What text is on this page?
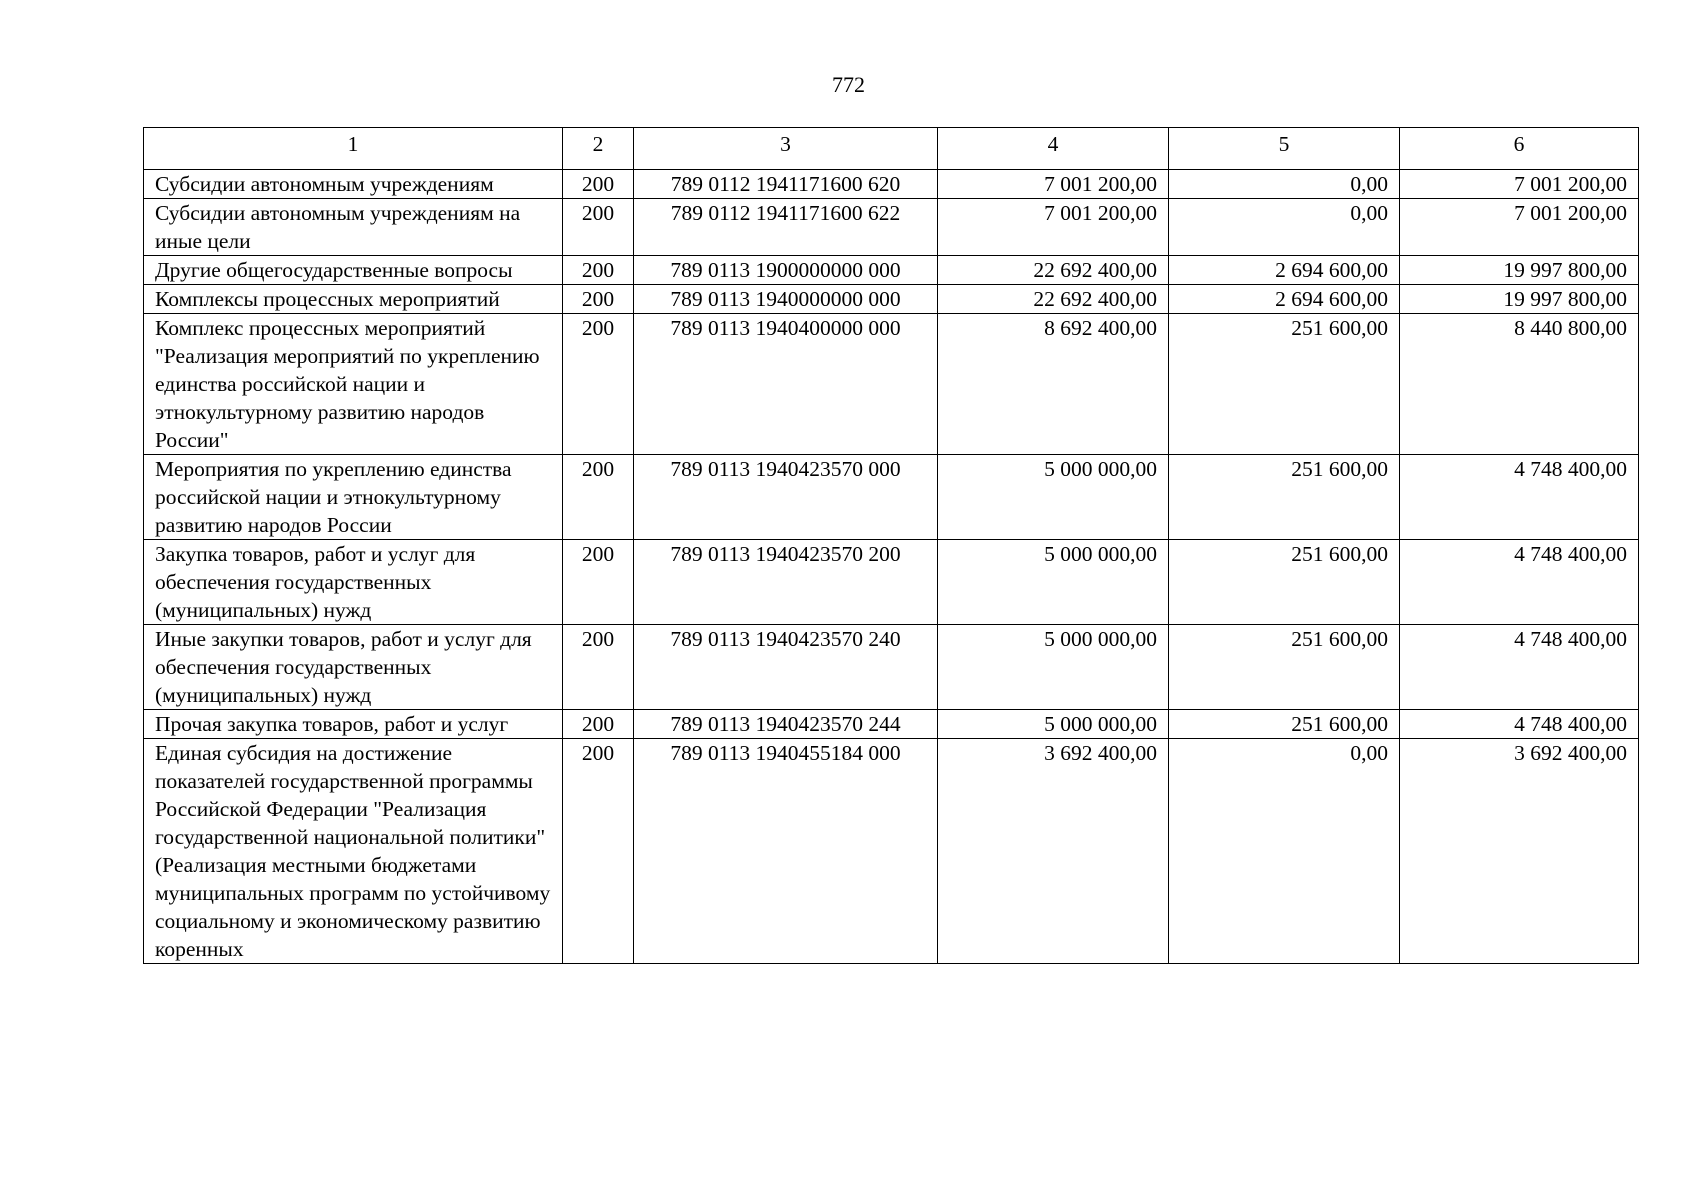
772
1	2	3	4	5	6
Субсидии автономным учреждениям	200	789 0112 1941171600 620	7 001 200,00	0,00	7 001 200,00
Субсидии автономным учреждениям на иные цели	200	789 0112 1941171600 622	7 001 200,00	0,00	7 001 200,00
Другие общегосударственные вопросы	200	789 0113 1900000000 000	22 692 400,00	2 694 600,00	19 997 800,00
Комплексы процессных мероприятий	200	789 0113 1940000000 000	22 692 400,00	2 694 600,00	19 997 800,00
Комплекс процессных мероприятий "Реализация мероприятий по укреплению единства российской нации и этнокультурному развитию народов России"	200	789 0113 1940400000 000	8 692 400,00	251 600,00	8 440 800,00
Мероприятия по укреплению единства российской нации и этнокультурному развитию народов России	200	789 0113 1940423570 000	5 000 000,00	251 600,00	4 748 400,00
Закупка товаров, работ и услуг для обеспечения государственных (муниципальных) нужд	200	789 0113 1940423570 200	5 000 000,00	251 600,00	4 748 400,00
Иные закупки товаров, работ и услуг для обеспечения государственных (муниципальных) нужд	200	789 0113 1940423570 240	5 000 000,00	251 600,00	4 748 400,00
Прочая закупка товаров, работ и услуг	200	789 0113 1940423570 244	5 000 000,00	251 600,00	4 748 400,00
Единая субсидия на достижение показателей государственной программы Российской Федерации "Реализация государственной национальной политики" (Реализация местными бюджетами муниципальных программ по устойчивому социальному и экономическому развитию коренных	200	789 0113 1940455184 000	3 692 400,00	0,00	3 692 400,00
